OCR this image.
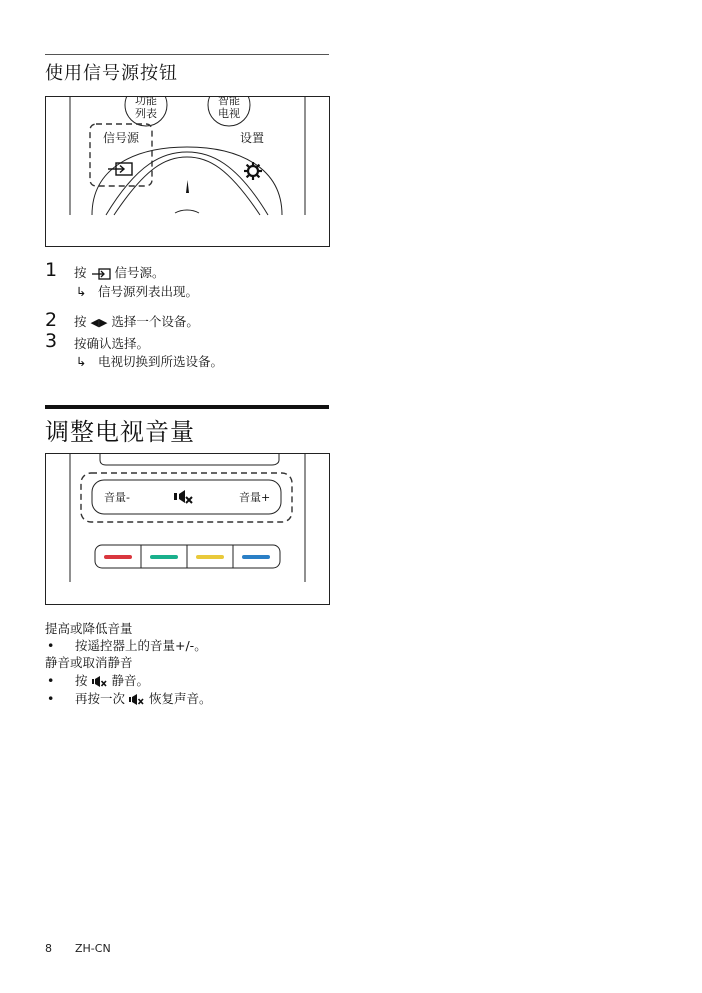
使用信号源按钮
功能
列表
智能
电视
信号源	设置
1 按 信号源。
↳ 信号源列表出现。
2 按 ◀▶ 选择一个设备。
3 按确认选择。
↳ 电视切换到所选设备。
调整电视音量
音量-	音量+
提高或降低音量
• 按遥控器上的音量+/-。
静音或取消静音
• 按 静音。
• 再按一次 恢复声音。
8 ZH-CN
